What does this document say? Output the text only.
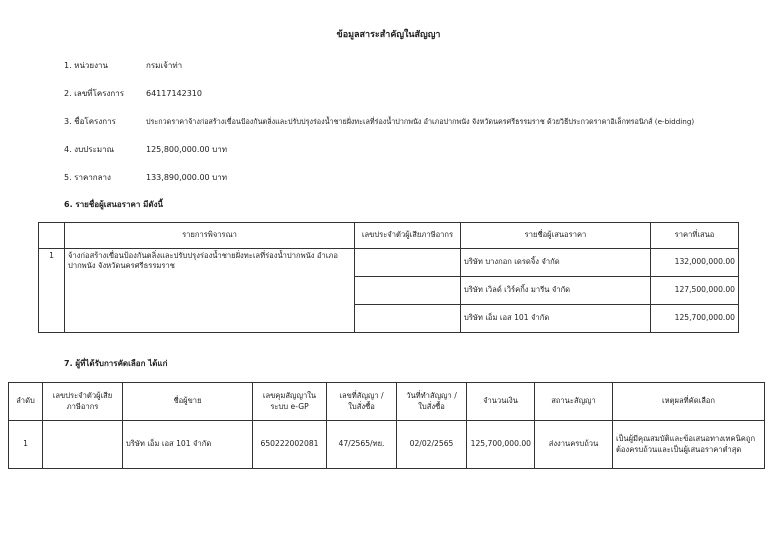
ข้อมูลสาระสำคัญในสัญญา
1. หน่วยงาน	กรมเจ้าท่า
2. เลขที่โครงการ	64117142310
3. ชื่อโครงการ	ประกวดราคาจ้างก่อสร้างเขื่อนป้องกันตลิ่งและปรับปรุงร่องน้ำชายฝั่งทะเลที่ร่องน้ำปากพนัง อำเภอปากพนัง จังหวัดนครศรีธรรมราช ด้วยวิธีประกวดราคาอิเล็กทรอนิกส์ (e-bidding)
4. งบประมาณ	125,800,000.00 บาท
5. ราคากลาง	133,890,000.00 บาท
6. รายชื่อผู้เสนอราคา มีดังนี้
	รายการพิจารณา	เลขประจำตัวผู้เสียภาษีอากร	รายชื่อผู้เสนอราคา	ราคาที่เสนอ
1	จ้างก่อสร้างเขื่อนป้องกันตลิ่งและปรับปรุงร่องน้ำชายฝั่งทะเลที่ร่องน้ำปากพนัง อำเภอปากพนัง จังหวัดนครศรีธรรมราช		บริษัท บางกอก เดรดจิ้ง จำกัด	132,000,000.00
			บริษัท เวิลด์ เวิร์คกิ้ง มารีน จำกัด	127,500,000.00
			บริษัท เอ็ม เอส 101 จำกัด	125,700,000.00
7. ผู้ที่ได้รับการคัดเลือก ได้แก่
ลำดับ	เลขประจำตัวผู้เสียภาษีอากร	ชื่อผู้ขาย	เลขคุมสัญญาในระบบ e-GP	เลขที่สัญญา / ใบสั่งซื้อ	วันที่ทำสัญญา / ใบสั่งซื้อ	จำนวนเงิน	สถานะสัญญา	เหตุผลที่คัดเลือก
1		บริษัท เอ็ม เอส 101 จำกัด	650222002081	47/2565/ทย.	02/02/2565	125,700,000.00	ส่งงานครบถ้วน	เป็นผู้มีคุณสมบัติและข้อเสนอทางเทคนิคถูกต้องครบถ้วนและเป็นผู้เสนอราคาต่ำสุด
